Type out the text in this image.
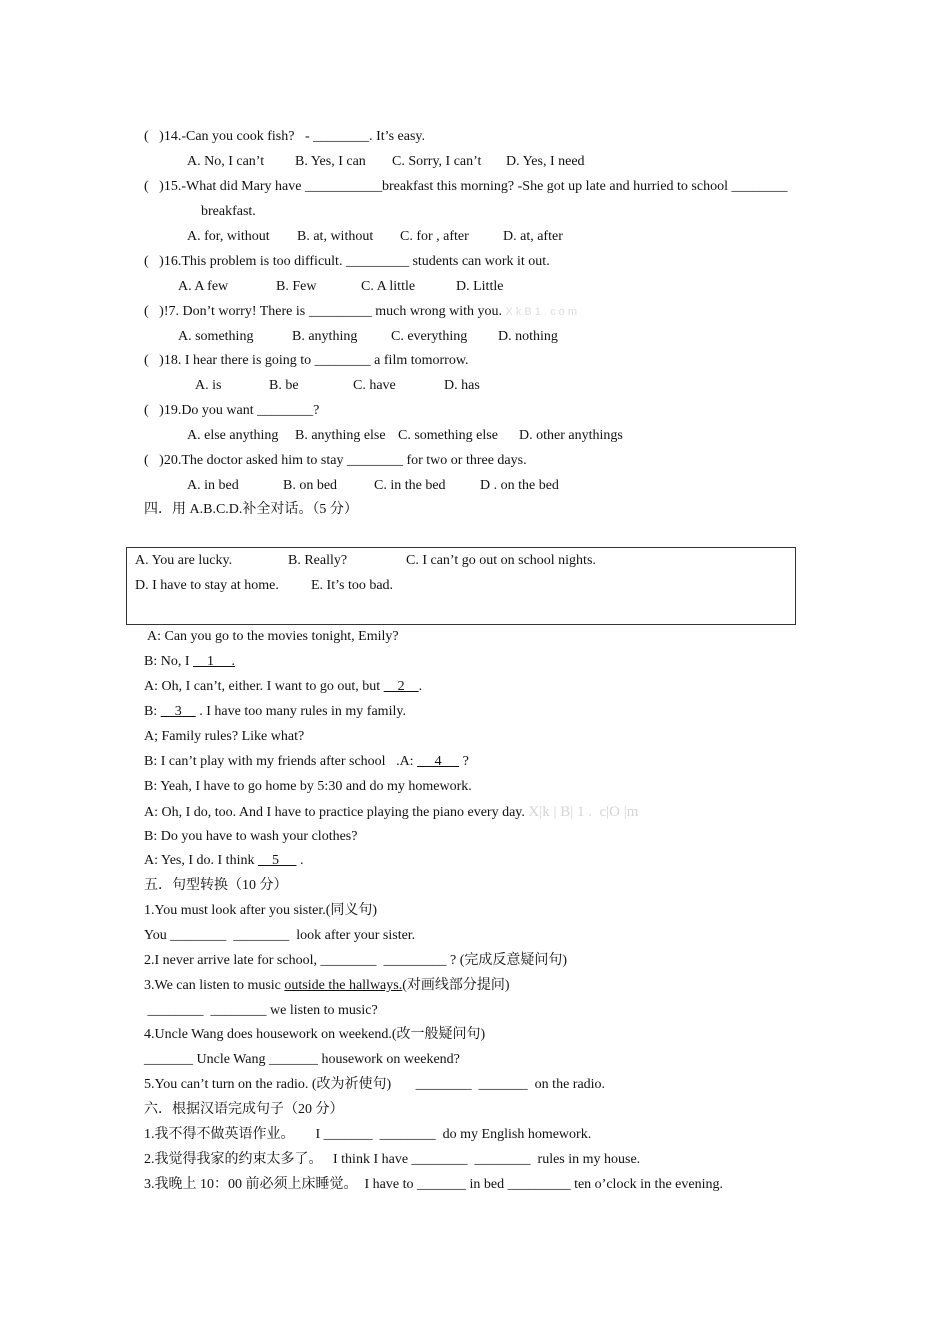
(   )14.-Can you cook fish?   - ________. It’s easy.
A. No, I can’t B. Yes, I can C. Sorry, I can’t D. Yes, I need
(   )15.-What did Mary have ___________breakfast this morning? -She got up late and hurried to school ________
breakfast.
A. for, without B. at, without C. for , after D. at, after
(   )16.This problem is too difficult. _________ students can work it out.
A. A few	B. Few	C. A little	D. Little
(   )!7. Don’t worry! There is _________ much wrong with you. X k B 1 . c o m
A. something	B. anything C. everything D. nothing
(   )18. I hear there is going to ________ a film tomorrow.
A. is	B. be	C. have	D. has
(   )19.Do you want ________?
A. else anything B. anything else C. something else D. other anythings
(   )20.The doctor asked him to stay ________ for two or three days.
A. in bed	B. on bed	C. in the bed D . on the bed
四．用 A.B.C.D.补全对话。（5 分）
A. You are lucky.	B. Really?	C. I can’t go out on school nights.
D. I have to stay at home. E. It’s too bad.
A: Can you go to the movies tonight, Emily?
B: No, I     1     .
A: Oh, I can’t, either. I want to go out, but     2    .
B:     3     . I have too many rules in my family.
A; Family rules? Like what?
B: I can’t play with my friends after school   .A:      4      ?
B: Yeah, I have to go home by 5:30 and do my homework.
A: Oh, I do, too. And I have to practice playing the piano every day. X|k | B| 1 .  c|O |m
B: Do you have to wash your clothes?
A: Yes, I do. I think     5      .
五．句型转换（10 分）
1.You must look after you sister.(同义句)
You ________  ________  look after your sister.
2.I never arrive late for school, ________  _________ ? (完成反意疑问句)
3.We can listen to music outside the hallways.(对画线部分提问)
________  ________ we listen to music?
4.Uncle Wang does housework on weekend.(改一般疑问句)
_______ Uncle Wang _______ housework on weekend?
5.You can’t turn on the radio. (改为祈使句)       ________  _______  on the radio.
六．根据汉语完成句子（20 分）
1.我不得不做英语作业。      I _______  ________  do my English homework.
2.我觉得我家的约束太多了。   I think I have ________  ________  rules in my house.
3.我晚上 10：00 前必须上床睡觉。  I have to _______ in bed _________ ten o’clock in the evening.
